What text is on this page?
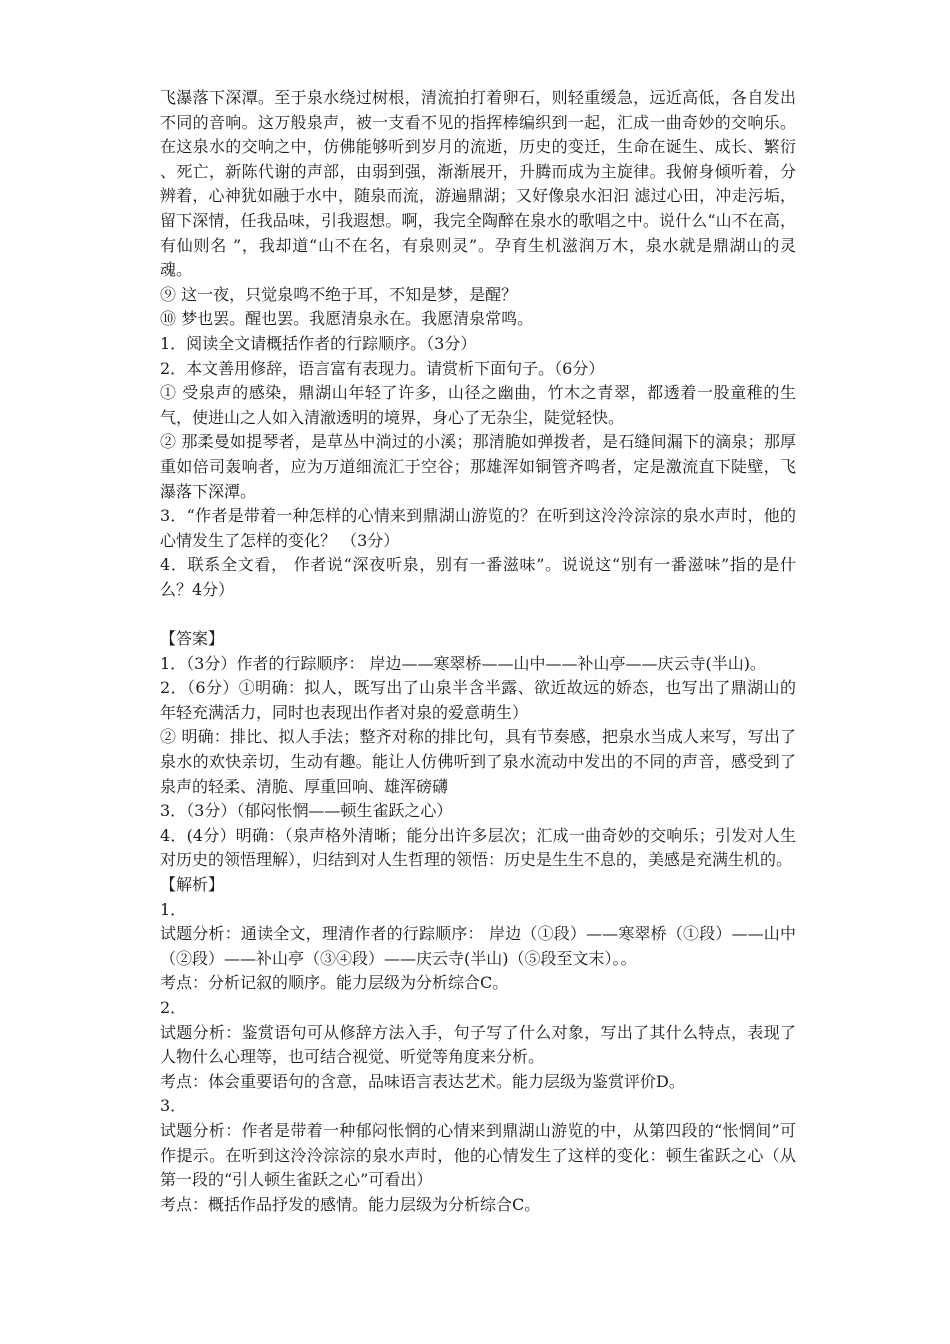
飞瀑落下深潭。至于泉水绕过树根，清流拍打着卵石，则轻重缓急，远近高低，各自发出不同的音响。这万般泉声，被一支看不见的指挥棒编织到一起，汇成一曲奇妙的交响乐。在这泉水的交响之中，仿佛能够听到岁月的流逝，历史的变迁，生命在诞生、成长、繁衍 、死亡，新陈代谢的声部，由弱到强，渐渐展开，升腾而成为主旋律。我俯身倾听着，分辨着，心神犹如融于水中，随泉而流，游遍鼎湖；又好像泉水汩汩 滤过心田，冲走污垢，留下深情，任我品味，引我遐想。啊，我完全陶醉在泉水的歌唱之中。说什么“山不在高，有仙则名 ”，我却道“山不在名，有泉则灵”。孕育生机滋润万木，泉水就是鼎湖山的灵魂。

⑨ 这一夜，只觉泉鸣不绝于耳，不知是梦，是醒？

⑩ 梦也罢。醒也罢。我愿清泉永在。我愿清泉常鸣。

1．阅读全文请概括作者的行踪顺序。（3分）

2．本文善用修辞，语言富有表现力。请赏析下面句子。（6分）

① 受泉声的感染，鼎湖山年轻了许多，山径之幽曲，竹木之青翠，都透着一股童稚的生气，使进山之人如入清澈透明的境界，身心了无杂尘，陡觉轻快。

② 那柔曼如提琴者，是草丛中淌过的小溪；那清脆如弹拨者，是石缝间漏下的滴泉；那厚重如倍司轰响者，应为万道细流汇于空谷；那雄浑如铜管齐鸣者，定是激流直下陡壁，飞瀑落下深潭。

3．“作者是带着一种怎样的心情来到鼎湖山游览的？在听到这泠泠淙淙的泉水声时，他的心情发生了怎样的变化？ （3分）

4．联系全文看， 作者说“深夜听泉，别有一番滋味”。说说这“别有一番滋味”指的是什么？4分）

【答案】

1．（3分）作者的行踪顺序： 岸边——寒翠桥——山中——补山亭——庆云寺(半山)。

2．（6分）①明确：拟人，既写出了山泉半含半露、欲近故远的娇态，也写出了鼎湖山的年轻充满活力，同时也表现出作者对泉的爱意萌生）

② 明确：排比、拟人手法；整齐对称的排比句，具有节奏感，把泉水当成人来写，写出了泉水的欢快亲切，生动有趣。能让人仿佛听到了泉水流动中发出的不同的声音，感受到了泉声的轻柔、清脆、厚重回响、雄浑磅礴

3．（3分）（郁闷怅惘——顿生雀跃之心）

4．(4分）明确：（泉声格外清晰；能分出许多层次；汇成一曲奇妙的交响乐；引发对人生对历史的领悟理解），归结到对人生哲理的领悟：历史是生生不息的，美感是充满生机的。

【解析】

1．

试题分析：通读全文，理清作者的行踪顺序： 岸边（①段）——寒翠桥（①段）——山中（②段）——补山亭（③④段）——庆云寺(半山)（⑤段至文末）。。

考点：分析记叙的顺序。能力层级为分析综合C。

2．

试题分析：鉴赏语句可从修辞方法入手，句子写了什么对象，写出了其什么特点，表现了人物什么心理等，也可结合视觉、听觉等角度来分析。

考点：体会重要语句的含意，品味语言表达艺术。能力层级为鉴赏评价D。

3．

试题分析：作者是带着一种郁闷怅惘的心情来到鼎湖山游览的中，从第四段的“怅惘间”可作提示。在听到这泠泠淙淙的泉水声时，他的心情发生了这样的变化：顿生雀跃之心（从第一段的“引人顿生雀跃之心”可看出）

考点：概括作品抒发的感情。能力层级为分析综合C。
